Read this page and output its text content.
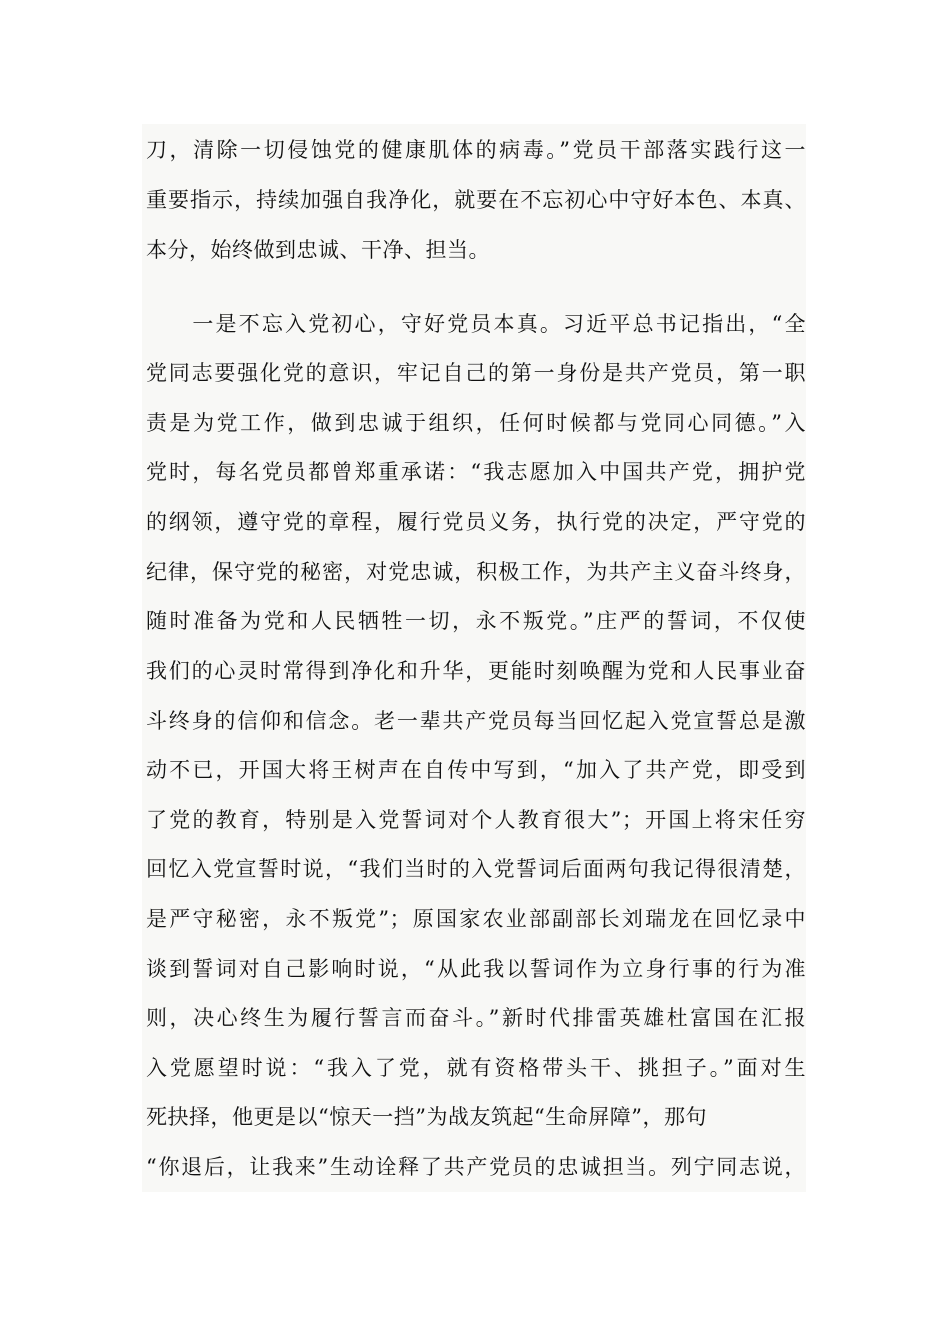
刀，清除一切侵蚀党的健康肌体的病毒。”党员干部落实践行这一
重要指示，持续加强自我净化，就要在不忘初心中守好本色、本真、
本分，始终做到忠诚、干净、担当。
　　一是不忘入党初心，守好党员本真。习近平总书记指出，“全
党同志要强化党的意识，牢记自己的第一身份是共产党员，第一职
责是为党工作，做到忠诚于组织，任何时候都与党同心同德。”入
党时，每名党员都曾郑重承诺：“我志愿加入中国共产党，拥护党
的纲领，遵守党的章程，履行党员义务，执行党的决定，严守党的
纪律，保守党的秘密，对党忠诚，积极工作，为共产主义奋斗终身，
随时准备为党和人民牺牲一切，永不叛党。”庄严的誓词，不仅使
我们的心灵时常得到净化和升华，更能时刻唤醒为党和人民事业奋
斗终身的信仰和信念。老一辈共产党员每当回忆起入党宣誓总是激
动不已，开国大将王树声在自传中写到，“加入了共产党，即受到
了党的教育，特别是入党誓词对个人教育很大”；开国上将宋任穷
回忆入党宣誓时说，“我们当时的入党誓词后面两句我记得很清楚，
是严守秘密，永不叛党”；原国家农业部副部长刘瑞龙在回忆录中
谈到誓词对自己影响时说，“从此我以誓词作为立身行事的行为准
则，决心终生为履行誓言而奋斗。”新时代排雷英雄杜富国在汇报
入党愿望时说：“我入了党，就有资格带头干、挑担子。”面对生
死抉择，他更是以“惊天一挡”为战友筑起“生命屏障”，那句
“你退后，让我来”生动诠释了共产党员的忠诚担当。列宁同志说，
